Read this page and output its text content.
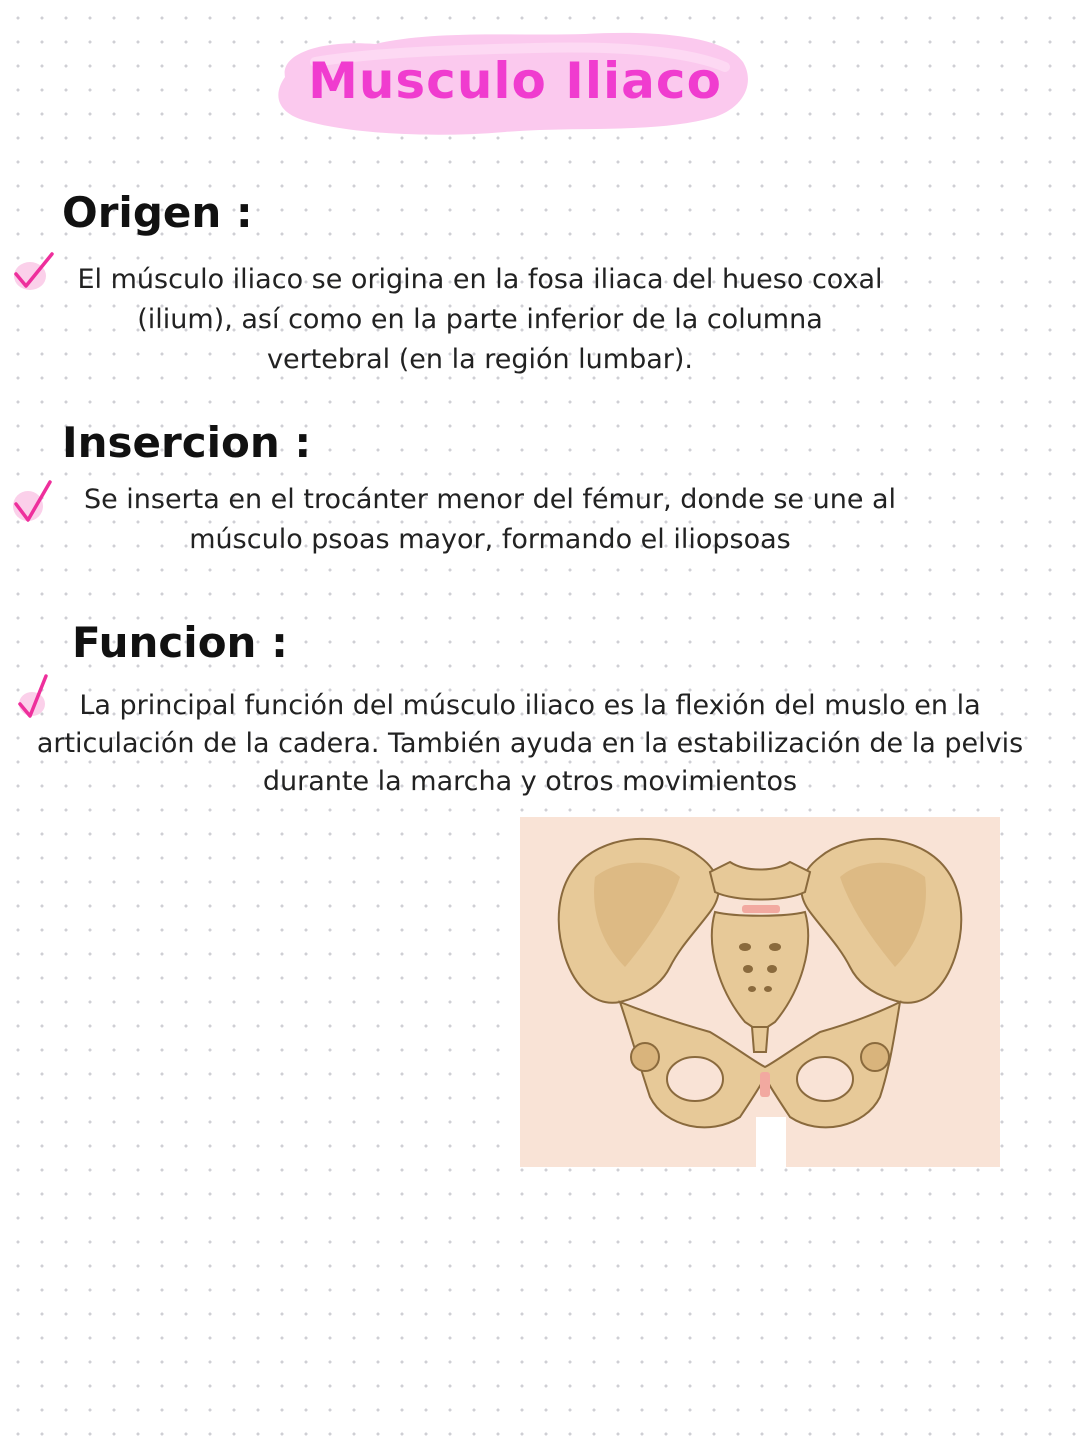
Musculo Iliaco
Origen :
El músculo iliaco se origina en la fosa iliaca del hueso coxal
(ilium), así como en la parte inferior de la columna
vertebral (en la región lumbar).
Insercion :
Se inserta en el trocánter menor del fémur, donde se une al
músculo psoas mayor, formando el iliopsoas
Funcion :
La principal función del músculo iliaco es la flexión del muslo en la
articulación de la cadera. También ayuda en la estabilización de la pelvis
durante la marcha y otros movimientos
